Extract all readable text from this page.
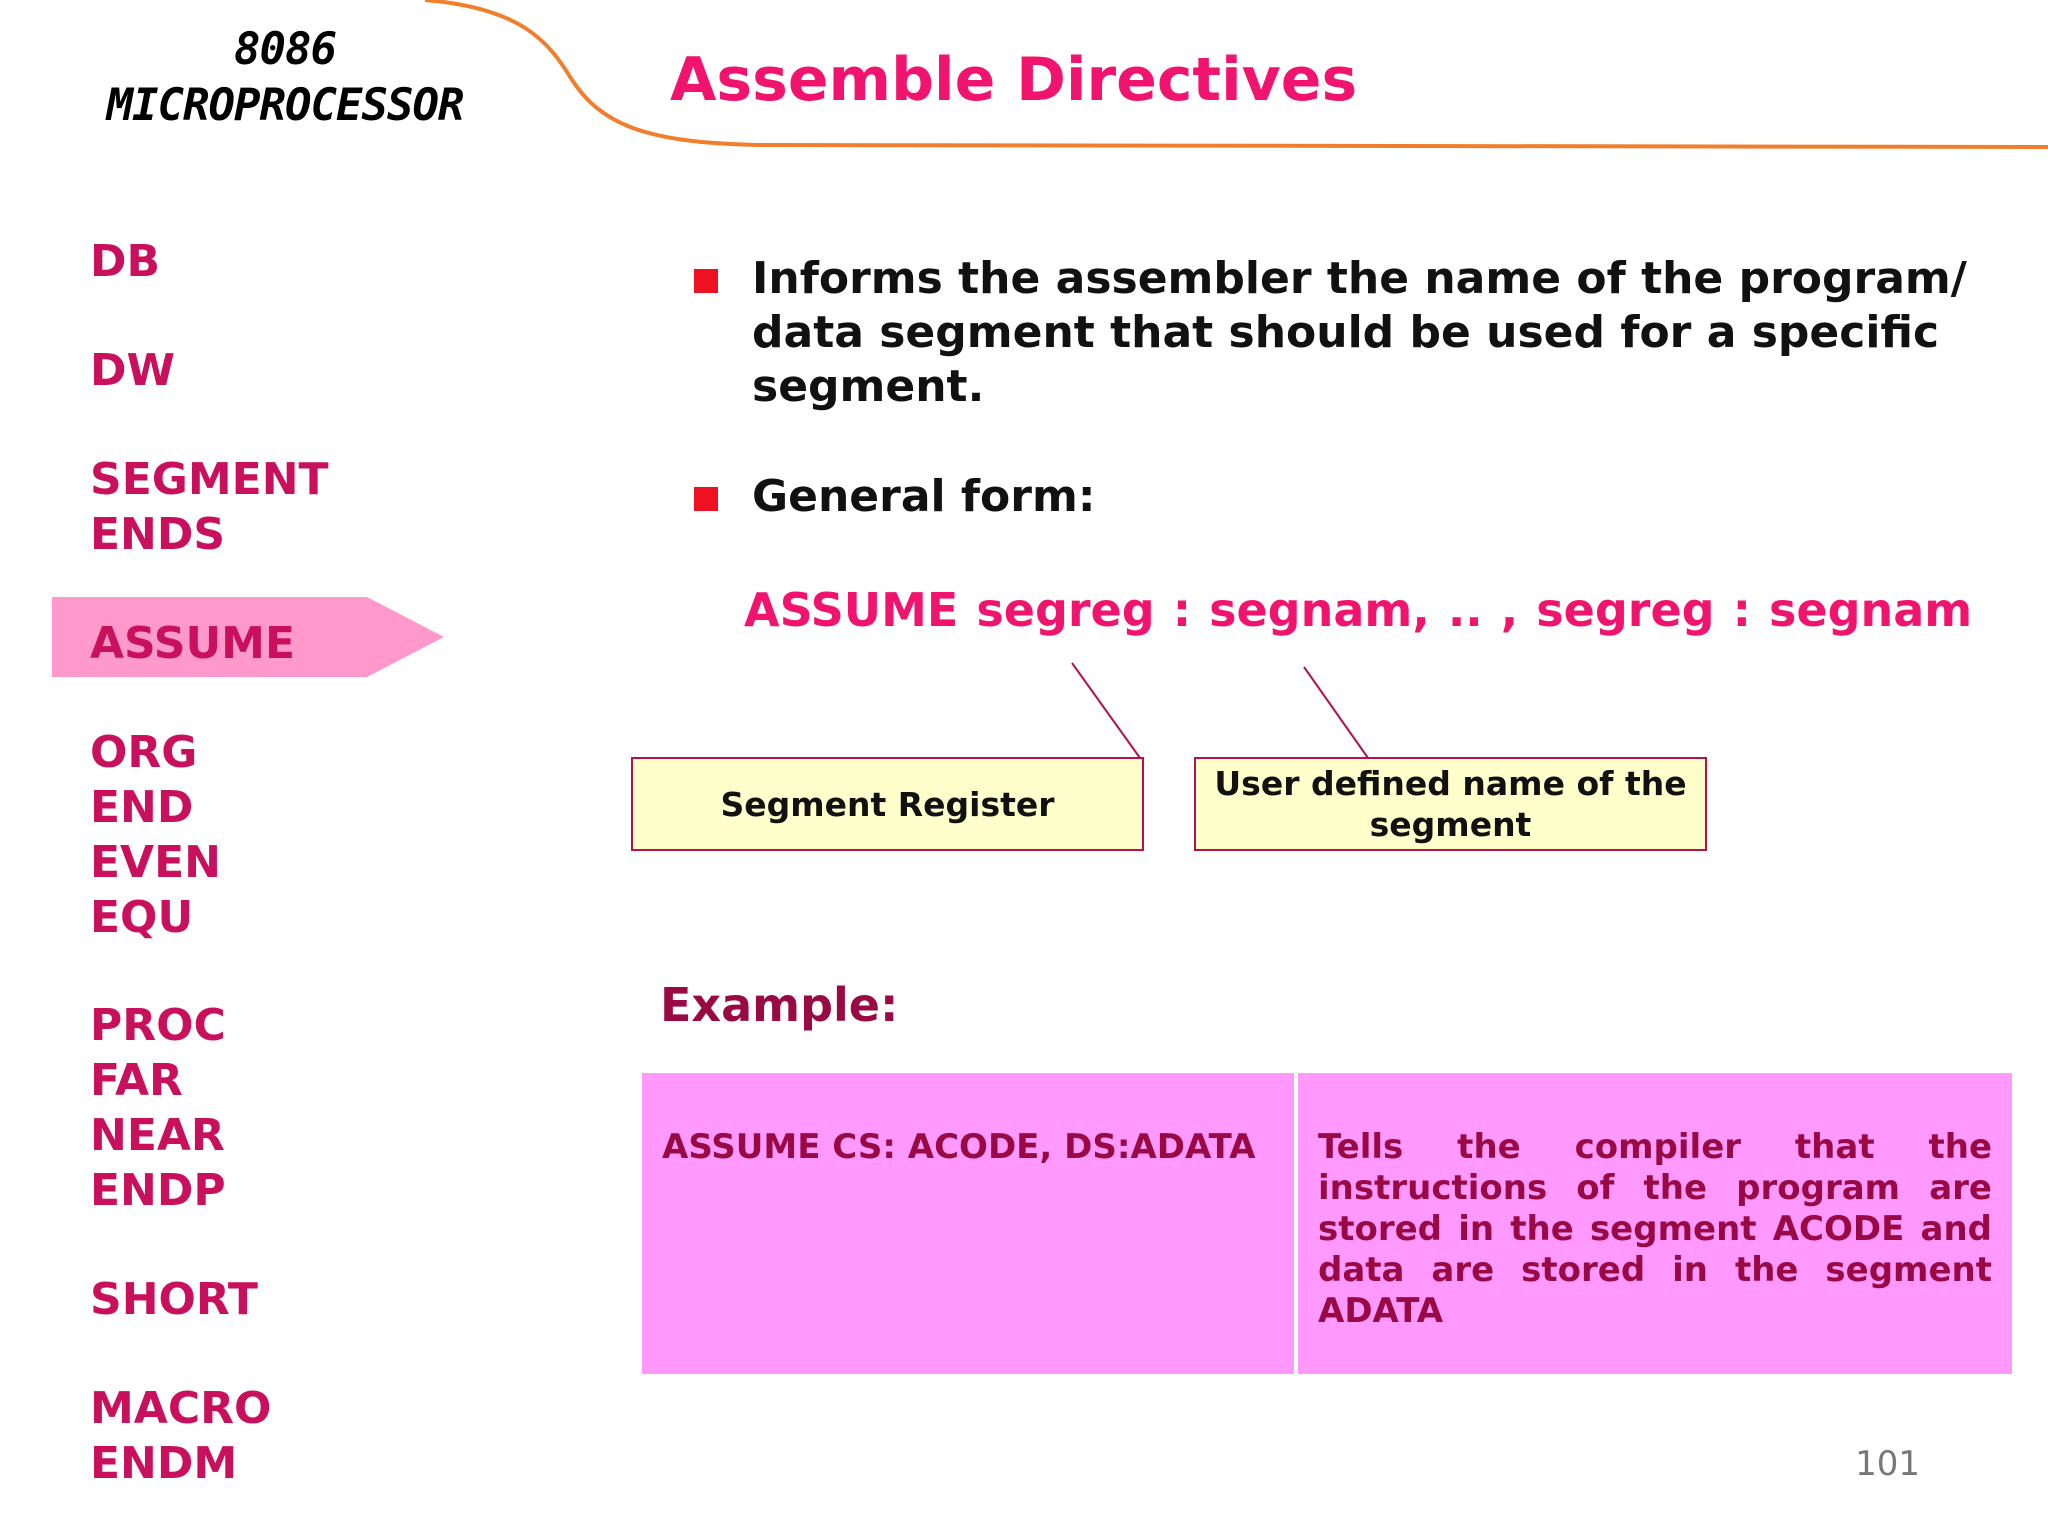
8086
MICROPROCESSOR	Assemble Directives
DB
DW
SEGMENT
ENDS
ASSUME
ORG
END
EVEN
EQU
PROC
FAR
NEAR
ENDP
SHORT
MACRO
ENDM
Informs the assembler the name of the program/ data segment that should be used for a specific segment.
General form:
ASSUME segreg : segnam, .. , segreg : segnam
Segment Register
User defined name of the segment
Example:
ASSUME CS: ACODE, DS:ADATA	Tells the compiler that the instructions of the program are stored in the segment ACODE and data are stored in the segment ADATA
101
